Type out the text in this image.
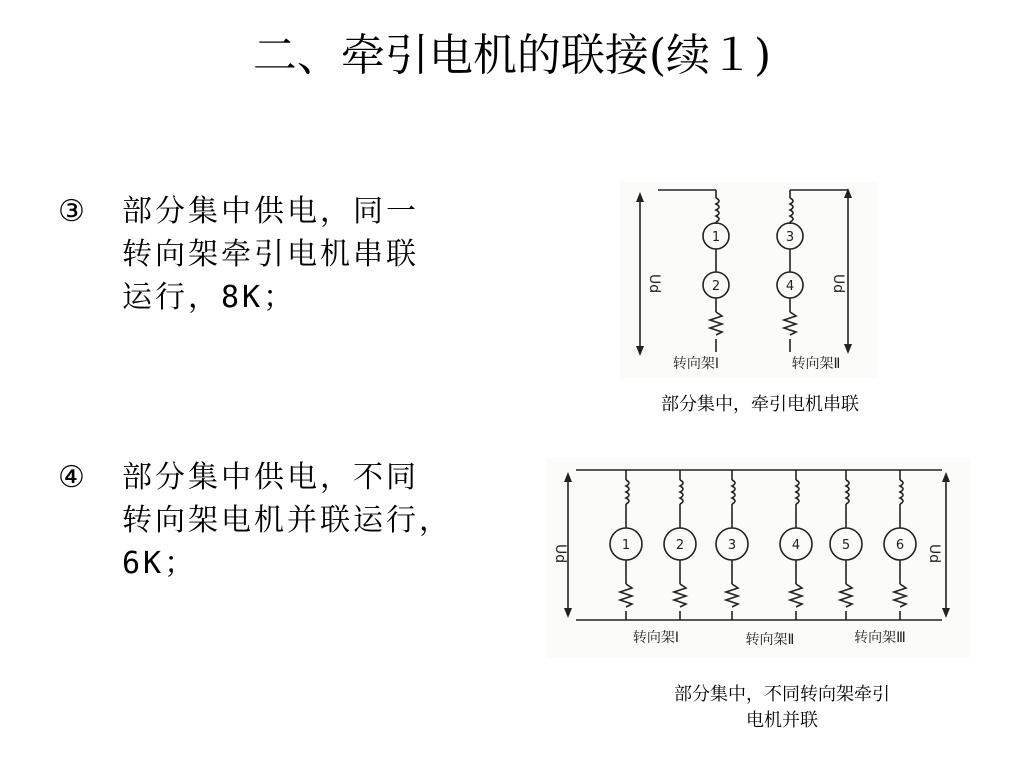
二、牵引电机的联接(续１)
③ 部分集中供电，同一
转向架牵引电机串联
运行，8K；
④ 部分集中供电，不同
转向架电机并联运行，
6K；
Ud	Ud
1
2
3
4
转向架Ⅰ	转向架Ⅱ
部分集中，牵引电机串联
Ud	Ud
1	2	3	4	5	6
转向架Ⅰ	转向架Ⅱ	转向架Ⅲ
部分集中，不同转向架牵引
电机并联
